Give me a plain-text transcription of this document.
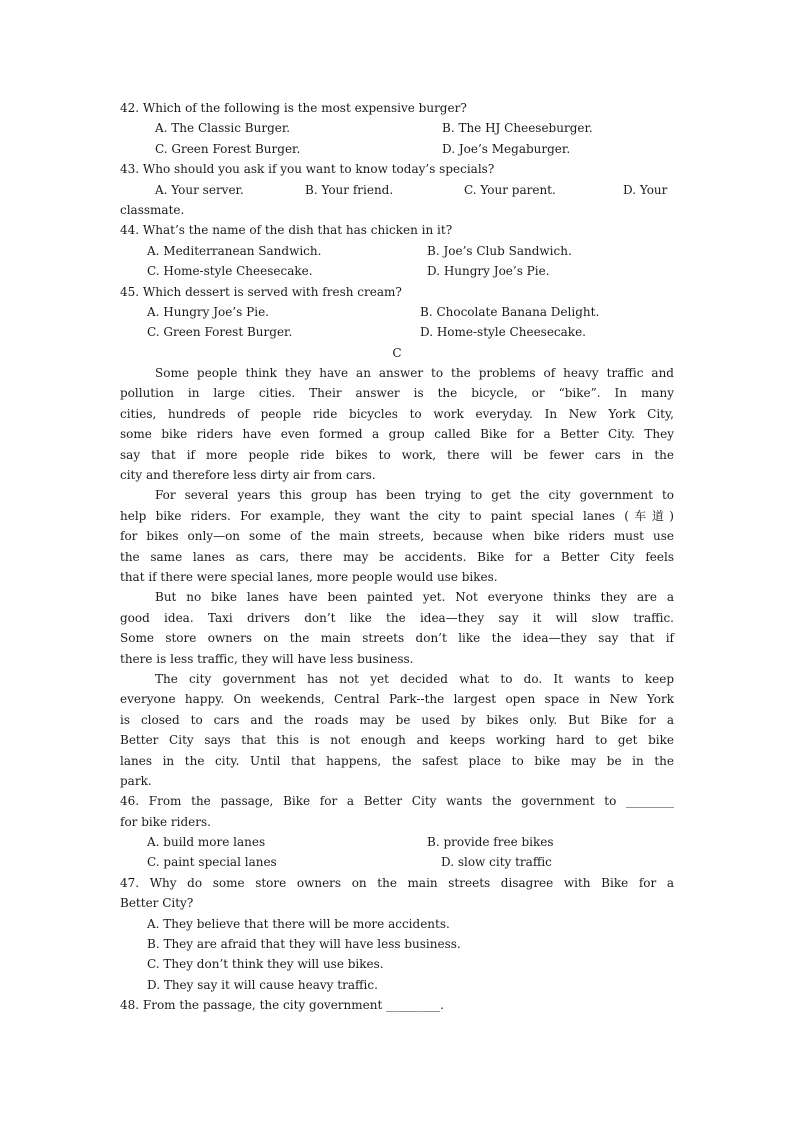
42. Which of the following is the most expensive burger?

A. The Classic Burger.

	B. The HJ Cheeseburger.

C. Green Forest Burger.

	D. Joe’s Megaburger.

43. Who should you ask if you want to know today’s specials?

A. Your server.

	B. Your friend.

	C. Your parent.

	D. Your

classmate.
44. What’s the name of the dish that has chicken in it?

A. Mediterranean Sandwich.

	B. Joe’s Club Sandwich.

C. Home-style Cheesecake.

	D. Hungry Joe’s Pie.

45. Which dessert is served with fresh cream?

A. Hungry Joe’s Pie.

	B. Chocolate Banana Delight.

C. Green Forest Burger.

	D. Home-style Cheesecake.

C
Some people think they have an answer to the problems of heavy traffic and
pollution in large cities. Their answer is the bicycle, or “bike”. In many
cities, hundreds of people ride bicycles to work everyday. In New York City,
some bike riders have even formed a group called Bike for a Better City. They
say that if more people ride bikes to work, there will be fewer cars in the
city and therefore less dirty air from cars.
For several years this group has been trying to get the city government to
help bike riders. For example, they want the city to paint special lanes (车道)
for bikes only—on some of the main streets, because when bike riders must use
the same lanes as cars, there may be accidents. Bike for a Better City feels
that if there were special lanes, more people would use bikes.
But no bike lanes have been painted yet. Not everyone thinks they are a
good idea. Taxi drivers don’t like the idea—they say it will slow traffic.
Some store owners on the main streets don’t like the idea—they say that if
there is less traffic, they will have less business.
The city government has not yet decided what to do. It wants to keep
everyone happy. On weekends, Central Park--the largest open space in New York
is closed to cars and the roads may be used by bikes only. But Bike for a
Better City says that this is not enough and keeps working hard to get bike
lanes in the city. Until that happens, the safest place to bike may be in the
park.
46. From the passage, Bike for a Better City wants the government to ________
for bike riders.

A. build more lanes

	B. provide free bikes

C. paint special lanes

	D. slow city traffic

47. Why do some store owners on the main streets disagree with Bike for a
Better City?
A. They believe that there will be more accidents.
B. They are afraid that they will have less business.
C. They don’t think they will use bikes.
D. They say it will cause heavy traffic.
48. From the passage, the city government _________.
